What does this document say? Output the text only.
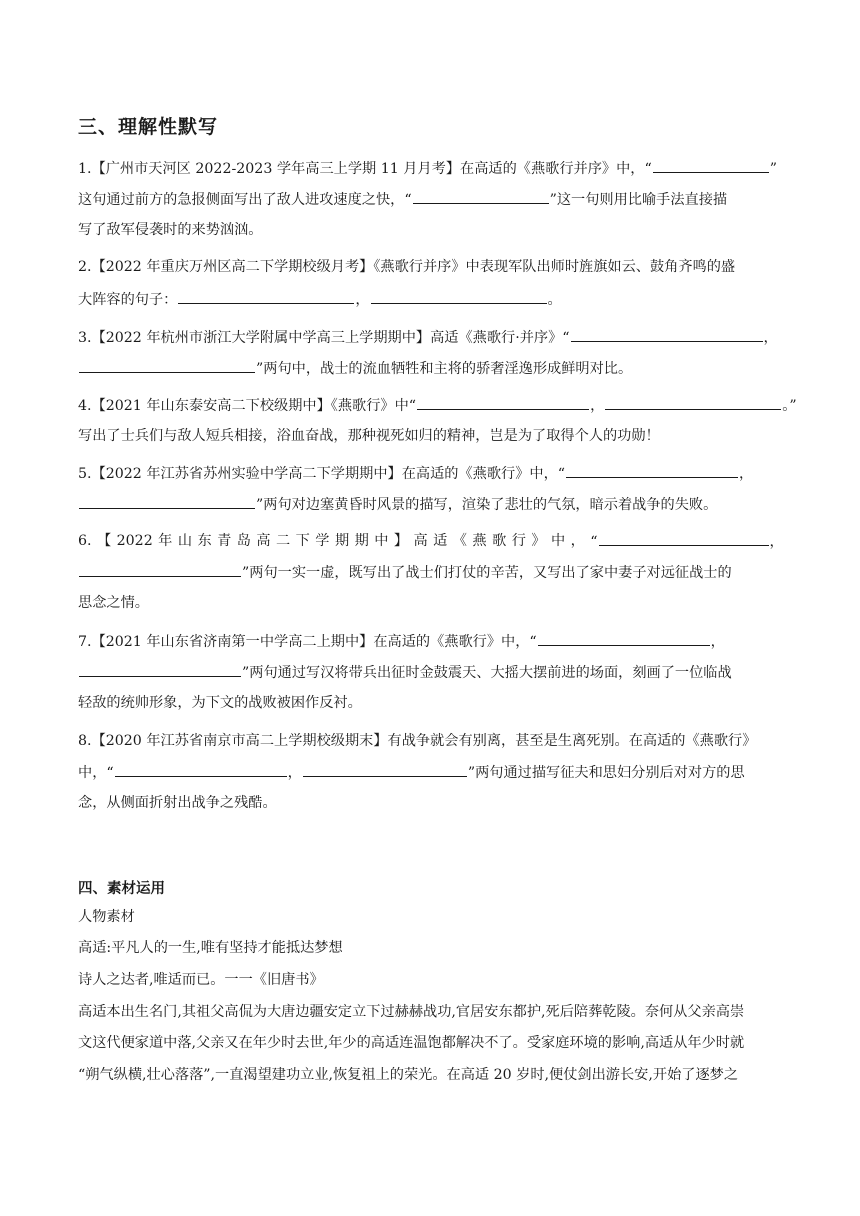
三、理解性默写
1.【广州市天河区 2022-2023 学年高三上学期 11 月月考】在高适的《燕歌行并序》中，“	”
这句通过前方的急报侧面写出了敌人进攻速度之快，“	”这一句则用比喻手法直接描
写了敌军侵袭时的来势汹汹。
2.【2022 年重庆万州区高二下学期校级月考】《燕歌行并序》中表现军队出师时旌旗如云、鼓角齐鸣的盛
大阵容的句子：	，	。
3.【2022 年杭州市浙江大学附属中学高三上学期期中】高适《燕歌行·并序》“	，
”两句中，战士的流血牺牲和主将的骄奢淫逸形成鲜明对比。
4.【2021 年山东泰安高二下校级期中】《燕歌行》中“	，	。”
写出了士兵们与敌人短兵相接，浴血奋战，那种视死如归的精神，岂是为了取得个人的功勋！
5.【2022 年江苏省苏州实验中学高二下学期期中】在高适的《燕歌行》中，“	，
”两句对边塞黄昏时风景的描写，渲染了悲壮的气氛，暗示着战争的失败。
6. 【 2022 年 山 东 青 岛 高 二 下 学 期 期 中 】 高 适 《 燕 歌 行 》 中 ， “	，
”两句一实一虚，既写出了战士们打仗的辛苦，又写出了家中妻子对远征战士的
思念之情。
7.【2021 年山东省济南第一中学高二上期中】在高适的《燕歌行》中，“	，
”两句通过写汉将带兵出征时金鼓震天、大摇大摆前进的场面，刻画了一位临战
轻敌的统帅形象，为下文的战败被困作反衬。
8.【2020 年江苏省南京市高二上学期校级期末】有战争就会有别离，甚至是生离死别。在高适的《燕歌行》
中，“	，	”两句通过描写征夫和思妇分别后对对方的思
念，从侧面折射出战争之残酷。
四、素材运用
人物素材
高适:平凡人的一生,唯有坚持才能抵达梦想
诗人之达者,唯适而已。一一《旧唐书》
高适本出生名门,其祖父高侃为大唐边疆安定立下过赫赫战功,官居安东都护,死后陪葬乾陵。奈何从父亲高崇
文这代便家道中落,父亲又在年少时去世,年少的高适连温饱都解决不了。受家庭环境的影响,高适从年少时就
“朔气纵横,壮心落落”,一直渴望建功立业,恢复祖上的荣光。在高适 20 岁时,便仗剑出游长安,开始了逐梦之
